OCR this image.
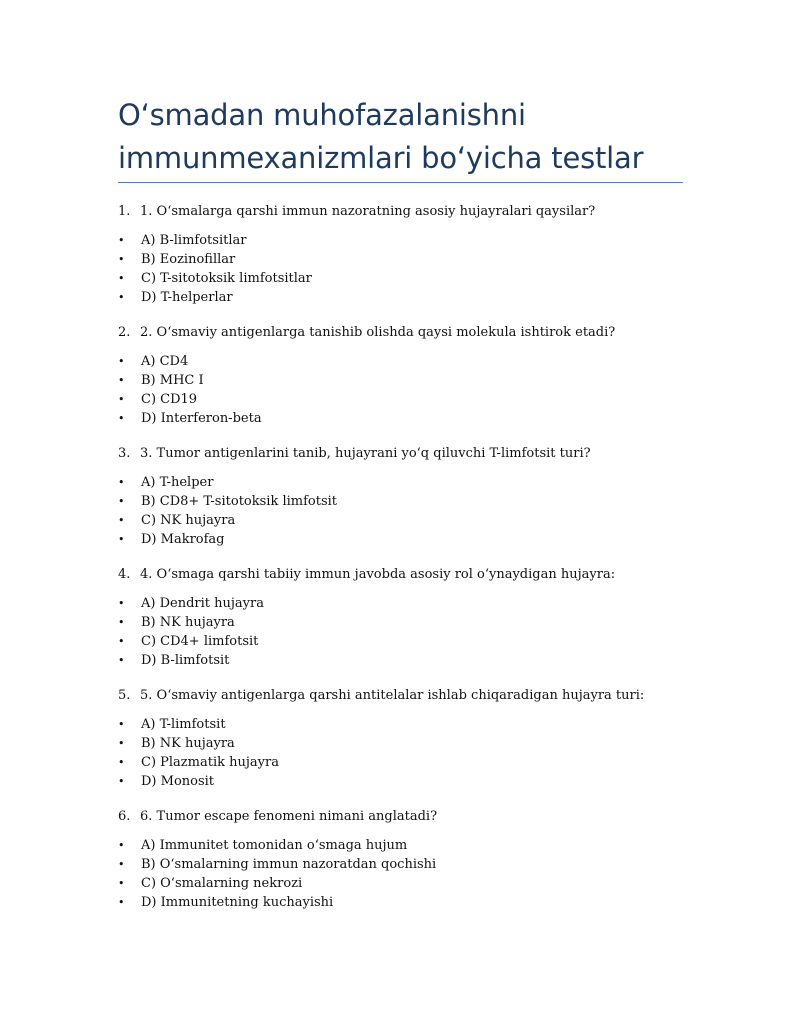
O‘smadan muhofazalanishni immunmexanizmlari bo‘yicha testlar
1. 1. O‘smalarga qarshi immun nazoratning asosiy hujayralari qaysilar?
• A) B-limfotsitlar
• B) Eozinofillar
• C) T-sitotoksik limfotsitlar
• D) T-helperlar
2. 2. O‘smaviy antigenlarga tanishib olishda qaysi molekula ishtirok etadi?
• A) CD4
• B) MHC I
• C) CD19
• D) Interferon-beta
3. 3. Tumor antigenlarini tanib, hujayrani yo‘q qiluvchi T-limfotsit turi?
• A) T-helper
• B) CD8+ T-sitotoksik limfotsit
• C) NK hujayra
• D) Makrofag
4. 4. O‘smaga qarshi tabiiy immun javobda asosiy rol o‘ynaydigan hujayra:
• A) Dendrit hujayra
• B) NK hujayra
• C) CD4+ limfotsit
• D) B-limfotsit
5. 5. O‘smaviy antigenlarga qarshi antitelalar ishlab chiqaradigan hujayra turi:
• A) T-limfotsit
• B) NK hujayra
• C) Plazmatik hujayra
• D) Monosit
6. 6. Tumor escape fenomeni nimani anglatadi?
• A) Immunitet tomonidan o‘smaga hujum
• B) O‘smalarning immun nazoratdan qochishi
• C) O‘smalarning nekrozi
• D) Immunitetning kuchayishi
